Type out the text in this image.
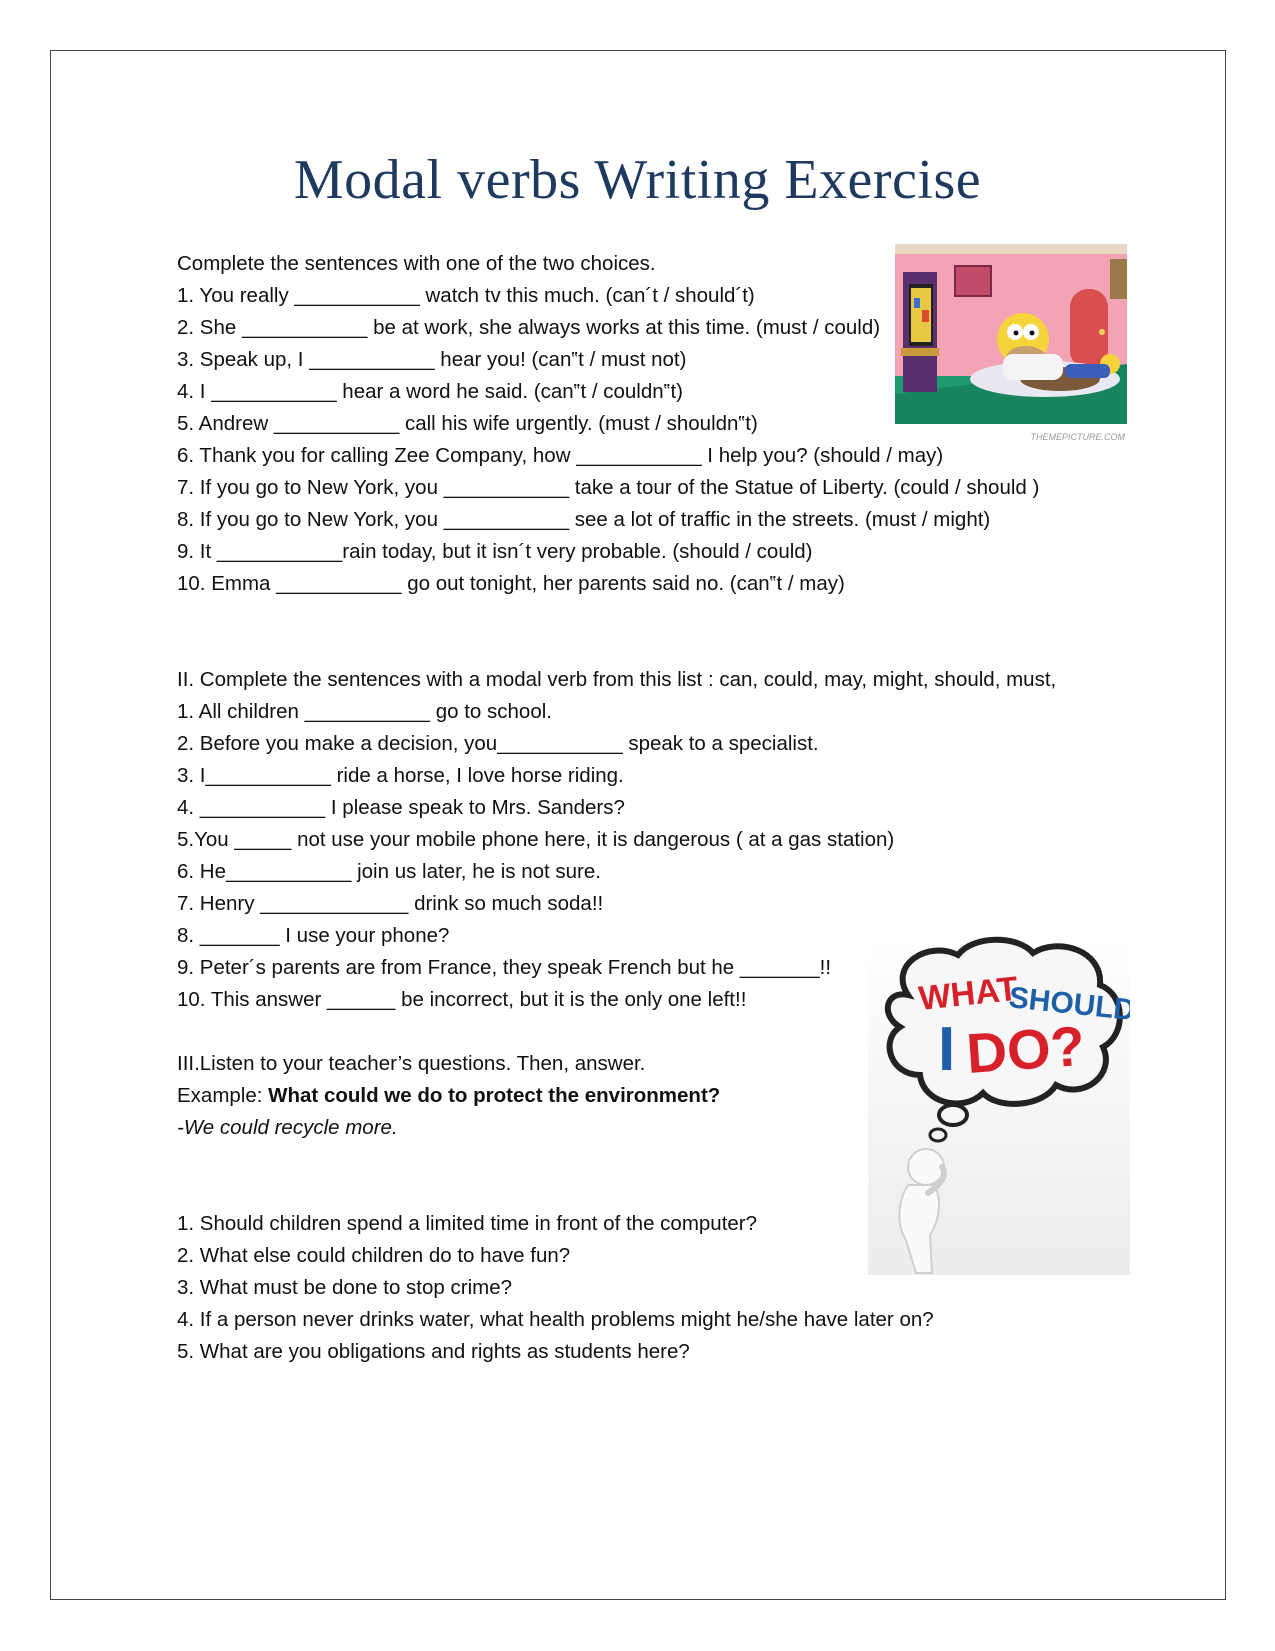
Modal verbs Writing Exercise
Complete the sentences with one of the two choices.
1. You really ___________ watch tv this much. (can´t / should´t)
2. She ___________ be at work, she always works at this time. (must / could)
3. Speak up, I ___________ hear you! (can‟t / must not)
4. I ___________ hear a word he said. (can‟t / couldn‟t)
5. Andrew ___________ call his wife urgently. (must / shouldn‟t)
6. Thank you for calling Zee Company, how ___________ I help you? (should / may)
7. If you go to New York, you ___________ take a tour of the Statue of Liberty. (could / should )
8. If you go to New York, you ___________ see a lot of traffic in the streets. (must / might)
9. It ___________rain today, but it isn´t very probable. (should / could)
10. Emma ___________ go out tonight, her parents said no. (can‟t / may)
II. Complete the sentences with a modal verb from this list : can, could, may, might, should, must,
1. All children ___________ go to school.
2. Before you make a decision, you___________ speak to a specialist.
3. I___________ ride a horse, I love horse riding.
4. ___________ I please speak to Mrs. Sanders?
5.You _____ not use your mobile phone here, it is dangerous ( at a gas station)
6. He___________ join us later, he is not sure.
7. Henry _____________ drink so much soda!!
8. _______ I use your phone?
9. Peter´s parents are from France, they speak French but he _______!!
10. This answer ______ be incorrect, but it is the only one left!!
III.Listen to your teacher’s questions. Then, answer.
Example: What could we do to protect the environment?
-We could recycle more.
1. Should children spend a limited time in front of the computer?
2. What else could children do to have fun?
3. What must be done to stop crime?
4. If a person never drinks water, what health problems might he/she have later on?
5. What are you obligations and rights as students here?
THEMEPICTURE.COM
WHAT
SHOULD
I DO?
